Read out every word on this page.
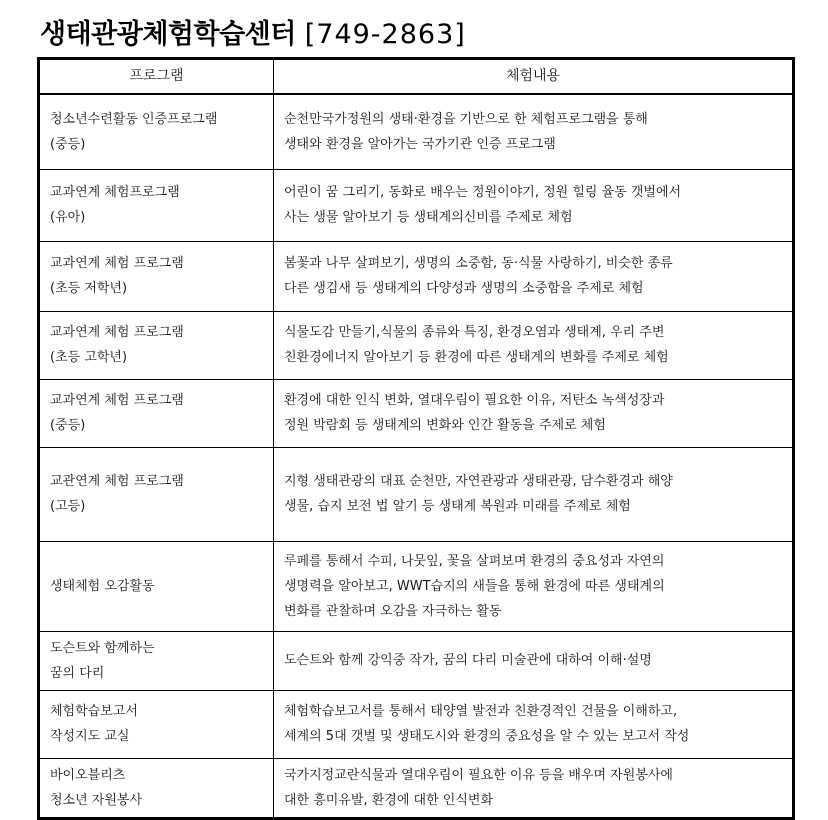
생태관광체험학습센터 [749-2863]
프로그램	체험내용

청소년수련활동 인증프로그램
(중등)	순천만국가정원의 생태·환경을 기반으로 한 체험프로그램을 통해
생태와 환경을 알아가는 국가기관 인증 프로그램

교과연계 체험프로그램
(유아)	어린이 꿈 그리기, 동화로 배우는 정원이야기, 정원 힐링 율동 갯벌에서
사는 생물 알아보기 등 생태계의신비를 주제로 체험

교과연계 체험 프로그램
(초등 저학년)	봄꽃과 나무 살펴보기, 생명의 소중함, 동·식물 사랑하기, 비슷한 종류
다른 생김새 등 생태계의 다양성과 생명의 소중함을 주제로 체험

교과연계 체험 프로그램
(초등 고학년)	식물도감 만들기,식물의 종류와 특징, 환경오염과 생태계, 우리 주변
친환경에너지 알아보기 등 환경에 따른 생태계의 변화를 주제로 체험

교과연계 체험 프로그램
(중등)	환경에 대한 인식 변화, 열대우림이 필요한 이유, 저탄소 녹색성장과
정원 박람회 등 생태계의 변화와 인간 활동을 주제로 체험

교관연계 체험 프로그램
(고등)	지형 생태관광의 대표 순천만, 자연관광과 생태관광, 담수환경과 해양
생물, 습지 보전 법 알기 등 생태계 복원과 미래를 주제로 체험

생태체험 오감활동	루페를 통해서 수피, 나뭇잎, 꽃을 살펴보며 환경의 중요성과 자연의
생명력을 알아보고, WWT습지의 새들을 통해 환경에 따른 생태계의
변화를 관찰하며 오감을 자극하는 활동

도슨트와 함께하는
꿈의 다리	도슨트와 함께 강익중 작가, 꿈의 다리 미술관에 대하여 이해·설명

체험학습보고서
작성지도 교실	체험학습보고서를 통해서 태양열 발전과 친환경적인 건물을 이해하고,
세계의 5대 갯벌 및 생태도시와 환경의 중요성을 알 수 있는 보고서 작성

바이오블리츠
청소년 자원봉사	국가지정교란식물과 열대우림이 필요한 이유 등을 배우며 자원봉사에
대한 흥미유발, 환경에 대한 인식변화
